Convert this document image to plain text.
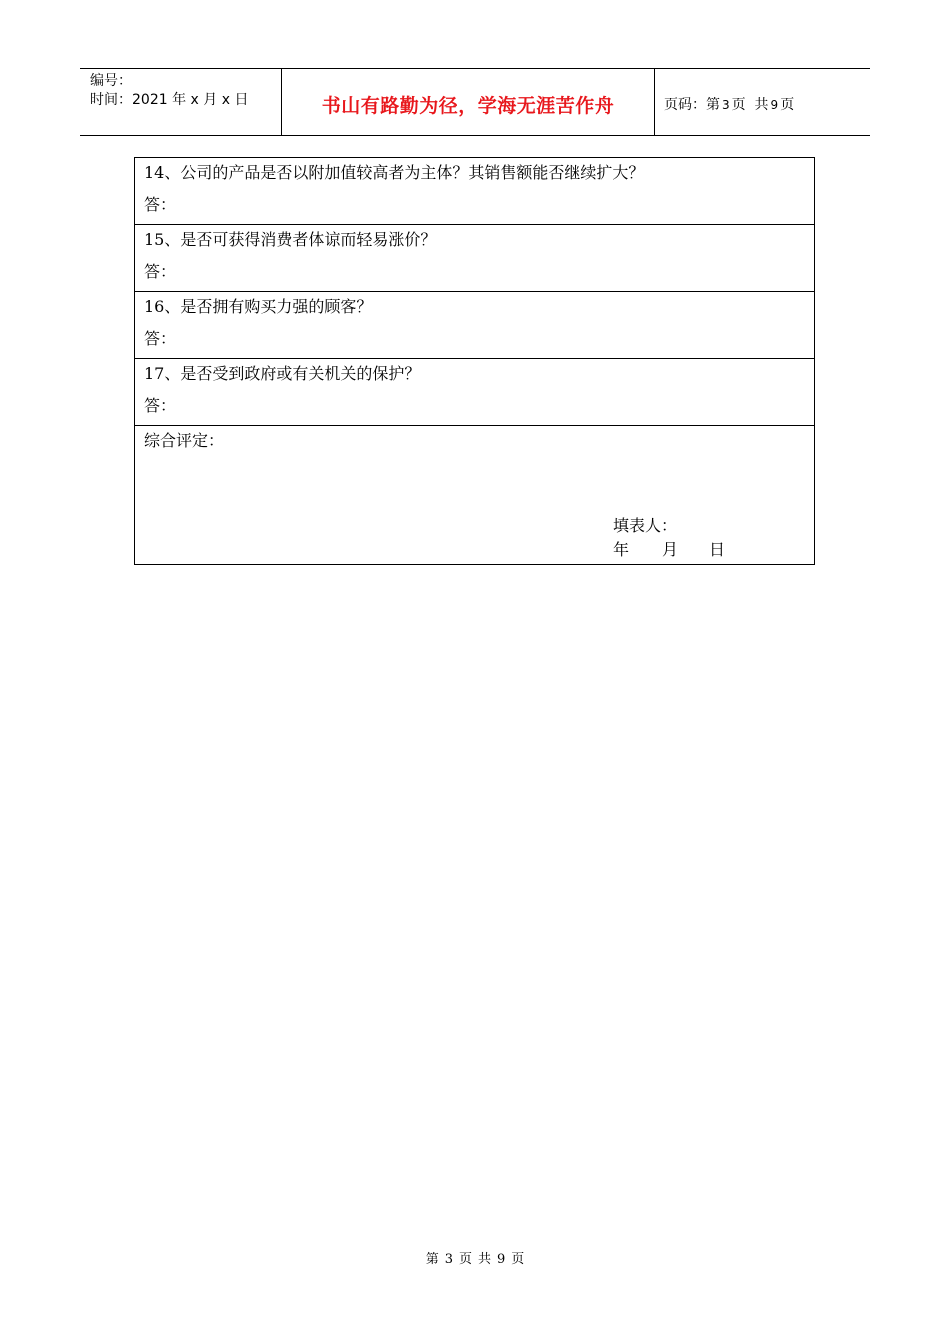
编号：
时间：2021 年 x 月 x 日	书山有路勤为径，学海无涯苦作舟	页码：第 3 页  共 9 页
14、公司的产品是否以附加值较高者为主体？其销售额能否继续扩大？
答：

15、是否可获得消费者体谅而轻易涨价？
答：

16、是否拥有购买力强的顾客？
答：

17、是否受到政府或有关机关的保护？
答：

综合评定：
填表人：
年	月	日
第 3 页 共 9 页
